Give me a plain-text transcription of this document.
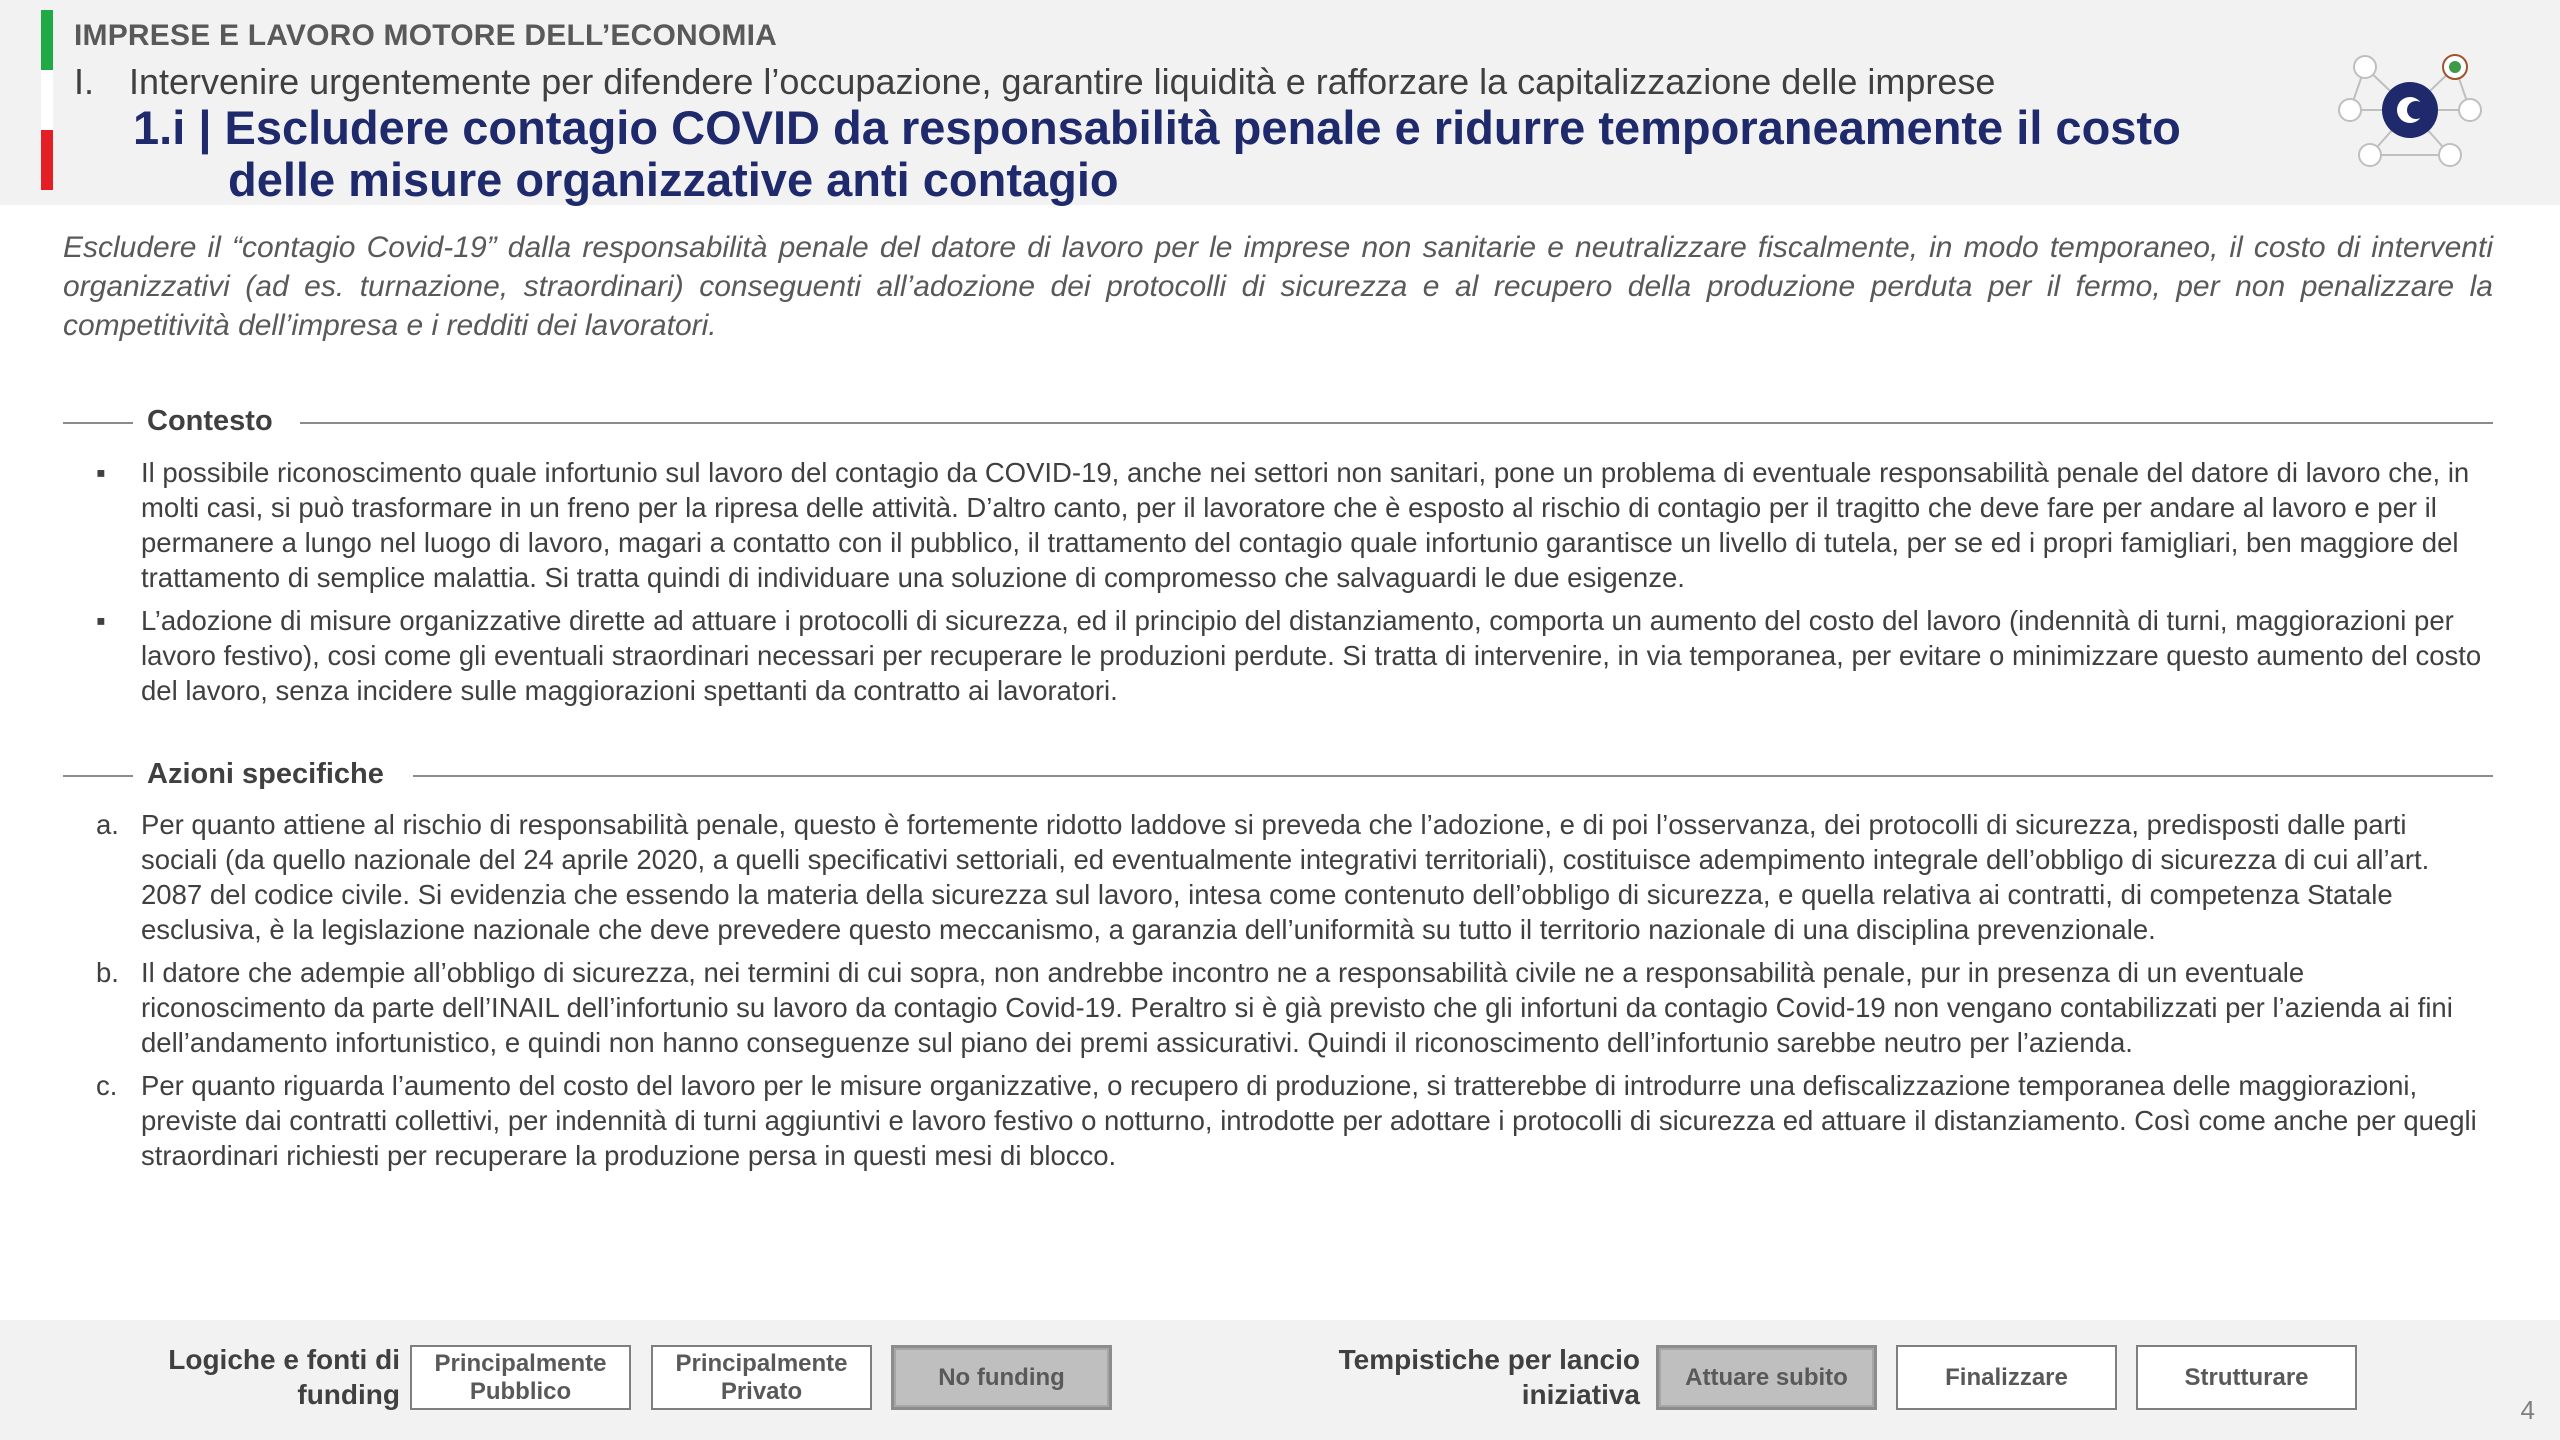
IMPRESE E LAVORO MOTORE DELL’ECONOMIA
I. Intervenire urgentemente per difendere l’occupazione, garantire liquidità e rafforzare la capitalizzazione delle imprese
1.i | Escludere contagio COVID da responsabilità penale e ridurre temporaneamente il costo
delle misure organizzative anti contagio
Escludere il “contagio Covid-19” dalla responsabilità penale del datore di lavoro per le imprese non sanitarie e neutralizzare fiscalmente, in modo temporaneo, il costo di interventi organizzativi (ad es. turnazione, straordinari) conseguenti all’adozione dei protocolli di sicurezza e al recupero della produzione perduta per il fermo, per non penalizzare la competitività dell’impresa e i redditi dei lavoratori.
Contesto
▪ Il possibile riconoscimento quale infortunio sul lavoro del contagio da COVID-19, anche nei settori non sanitari, pone un problema di eventuale responsabilità penale del datore di lavoro che, in molti casi, si può trasformare in un freno per la ripresa delle attività. D’altro canto, per il lavoratore che è esposto al rischio di contagio per il tragitto che deve fare per andare al lavoro e per il permanere a lungo nel luogo di lavoro, magari a contatto con il pubblico, il trattamento del contagio quale infortunio garantisce un livello di tutela, per se ed i propri famigliari, ben maggiore del trattamento di semplice malattia. Si tratta quindi di individuare una soluzione di compromesso che salvaguardi le due esigenze.
▪ L’adozione di misure organizzative dirette ad attuare i protocolli di sicurezza, ed il principio del distanziamento, comporta un aumento del costo del lavoro (indennità di turni, maggiorazioni per lavoro festivo), cosi come gli eventuali straordinari necessari per recuperare le produzioni perdute. Si tratta di intervenire, in via temporanea, per evitare o minimizzare questo aumento del costo del lavoro, senza incidere sulle maggiorazioni spettanti da contratto ai lavoratori.
Azioni specifiche
a. Per quanto attiene al rischio di responsabilità penale, questo è fortemente ridotto laddove si preveda che l’adozione, e di poi l’osservanza, dei protocolli di sicurezza, predisposti dalle parti sociali (da quello nazionale del 24 aprile 2020, a quelli specificativi settoriali, ed eventualmente integrativi territoriali), costituisce adempimento integrale dell’obbligo di sicurezza di cui all’art. 2087 del codice civile. Si evidenzia che essendo la materia della sicurezza sul lavoro, intesa come contenuto dell’obbligo di sicurezza, e quella relativa ai contratti, di competenza Statale esclusiva, è la legislazione nazionale che deve prevedere questo meccanismo, a garanzia dell’uniformità su tutto il territorio nazionale di una disciplina prevenzionale.
b. Il datore che adempie all’obbligo di sicurezza, nei termini di cui sopra, non andrebbe incontro ne a responsabilità civile ne a responsabilità penale, pur in presenza di un eventuale riconoscimento da parte dell’INAIL dell’infortunio su lavoro da contagio Covid-19. Peraltro si è già previsto che gli infortuni da contagio Covid-19 non vengano contabilizzati per l’azienda ai fini dell’andamento infortunistico, e quindi non hanno conseguenze sul piano dei premi assicurativi. Quindi il riconoscimento dell’infortunio sarebbe neutro per l’azienda.
c. Per quanto riguarda l’aumento del costo del lavoro per le misure organizzative, o recupero di produzione, si tratterebbe di introdurre una defiscalizzazione temporanea delle maggiorazioni, previste dai contratti collettivi, per indennità di turni aggiuntivi e lavoro festivo o notturno, introdotte per adottare i protocolli di sicurezza ed attuare il distanziamento. Così come anche per quegli straordinari richiesti per recuperare la produzione persa in questi mesi di blocco.
Logiche e fonti di
funding
Principalmente
Pubblico
Principalmente
Privato
No funding
Tempistiche per lancio
iniziativa
Attuare subito	Finalizzare	Strutturare
4
